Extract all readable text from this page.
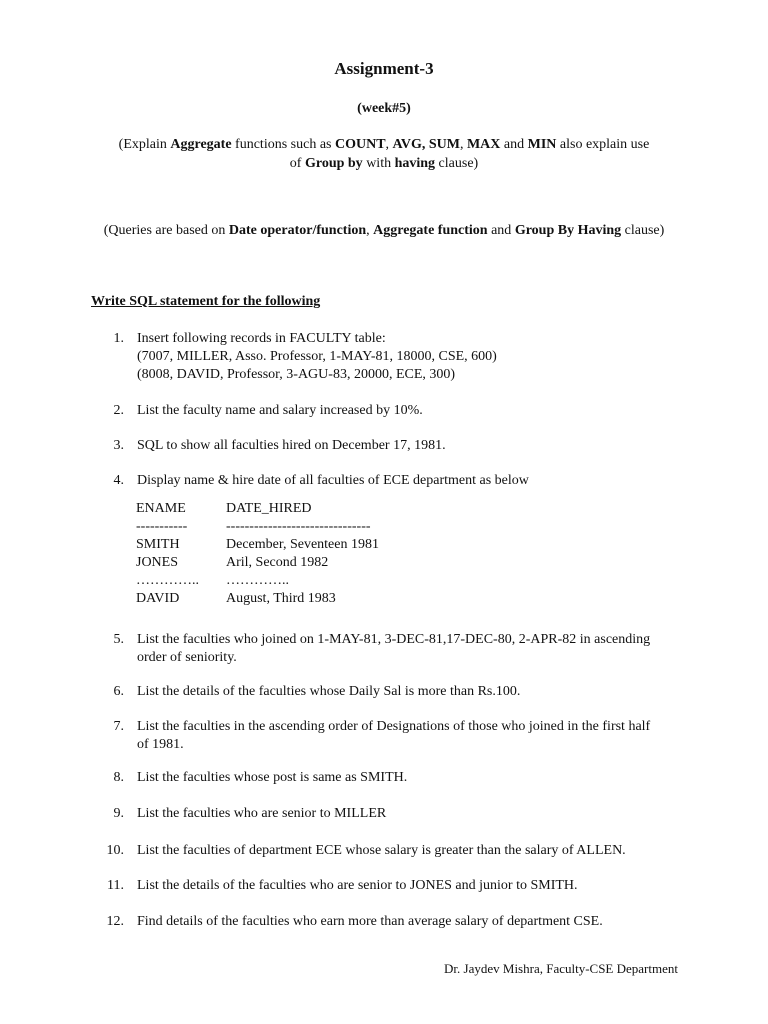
Assignment-3
(week#5)
(Explain Aggregate functions such as COUNT, AVG, SUM, MAX and MIN also explain use
of Group by with having clause)
(Queries are based on Date operator/function, Aggregate function and Group By Having clause)
Write SQL statement for the following
1. Insert following records in FACULTY table:
(7007, MILLER, Asso. Professor, 1-MAY-81, 18000, CSE, 600)
(8008, DAVID, Professor, 3-AGU-83, 20000, ECE, 300)
2. List the faculty name and salary increased by 10%.
3. SQL to show all faculties hired on December 17, 1981.
4. Display name & hire date of all faculties of ECE department as below
ENAME	DATE_HIRED
-----------	-------------------------------
SMITH	December, Seventeen 1981
JONES	Aril, Second 1982
………….. …………..
DAVID	August, Third 1983
5. List the faculties who joined on 1-MAY-81, 3-DEC-81,17-DEC-80, 2-APR-82 in ascending
order of seniority.
6. List the details of the faculties whose Daily Sal is more than Rs.100.
7. List the faculties in the ascending order of Designations of those who joined in the first half
of 1981.
8. List the faculties whose post is same as SMITH.
9. List the faculties who are senior to MILLER
10. List the faculties of department ECE whose salary is greater than the salary of ALLEN.
11. List the details of the faculties who are senior to JONES and junior to SMITH.
12. Find details of the faculties who earn more than average salary of department CSE.
Dr. Jaydev Mishra, Faculty-CSE Department
